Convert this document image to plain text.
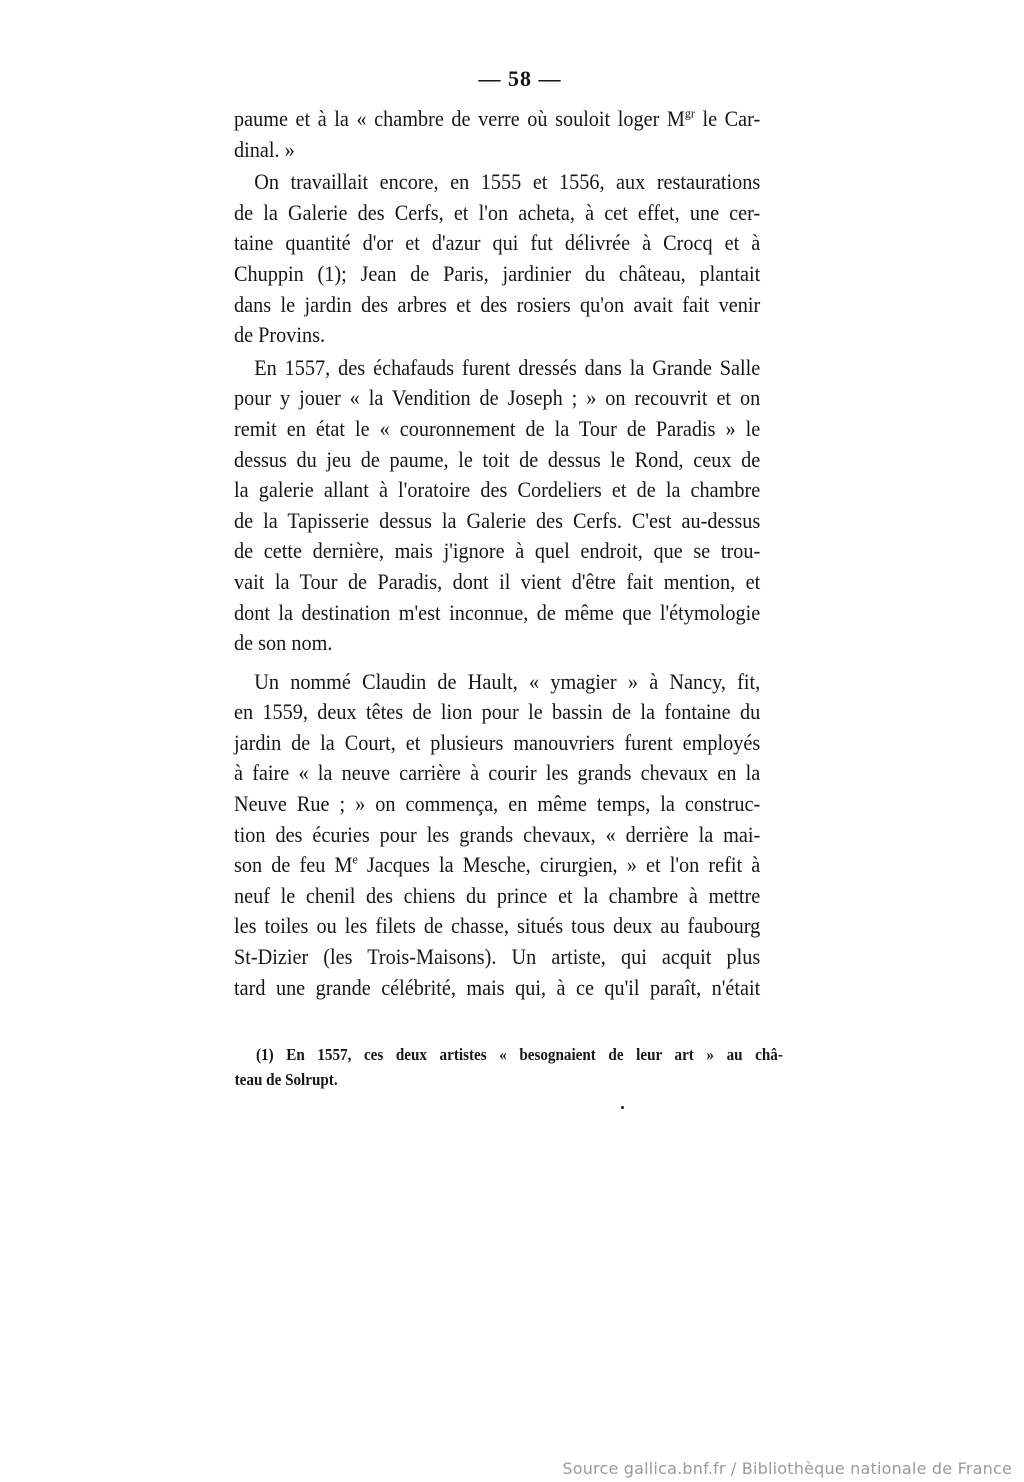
— 58 —
paume et à la « chambre de verre où souloit loger $M^{gr}$ le Car-
dinal. »
On travaillait encore, en 1555 et 1556, aux restaurations
de la Galerie des Cerfs, et l'on acheta, à cet effet, une cer-
taine quantité d'or et d'azur qui fut délivrée à Crocq et à
Chuppin (1); Jean de Paris, jardinier du château, plantait
dans le jardin des arbres et des rosiers qu'on avait fait venir
de Provins.
En 1557, des échafauds furent dressés dans la Grande Salle
pour y jouer « la Vendition de Joseph ; » on recouvrit et on
remit en état le « couronnement de la Tour de Paradis » le
dessus du jeu de paume, le toit de dessus le Rond, ceux de
la galerie allant à l'oratoire des Cordeliers et de la chambre
de la Tapisserie dessus la Galerie des Cerfs. C'est au-dessus
de cette dernière, mais j'ignore à quel endroit, que se trou-
vait la Tour de Paradis, dont il vient d'être fait mention, et
dont la destination m'est inconnue, de même que l'étymologie
de son nom.
Un nommé Claudin de Hault, « ymagier » à Nancy, fit,
en 1559, deux têtes de lion pour le bassin de la fontaine du
jardin de la Court, et plusieurs manouvriers furent employés
à faire « la neuve carrière à courir les grands chevaux en la
Neuve Rue ; » on commença, en même temps, la construc-
tion des écuries pour les grands chevaux, « derrière la mai-
son de feu Me Jacques la Mesche, cirurgien, » et l'on refit à
neuf le chenil des chiens du prince et la chambre à mettre
les toiles ou les filets de chasse, situés tous deux au faubourg
St-Dizier (les Trois-Maisons). Un artiste, qui acquit plus
tard une grande célébrité, mais qui, à ce qu'il paraît, n'était
(1) En 1557, ces deux artistes « besognaient de leur art » au châ-
teau de Solrupt.
Source gallica.bnf.fr / Bibliothèque nationale de France
